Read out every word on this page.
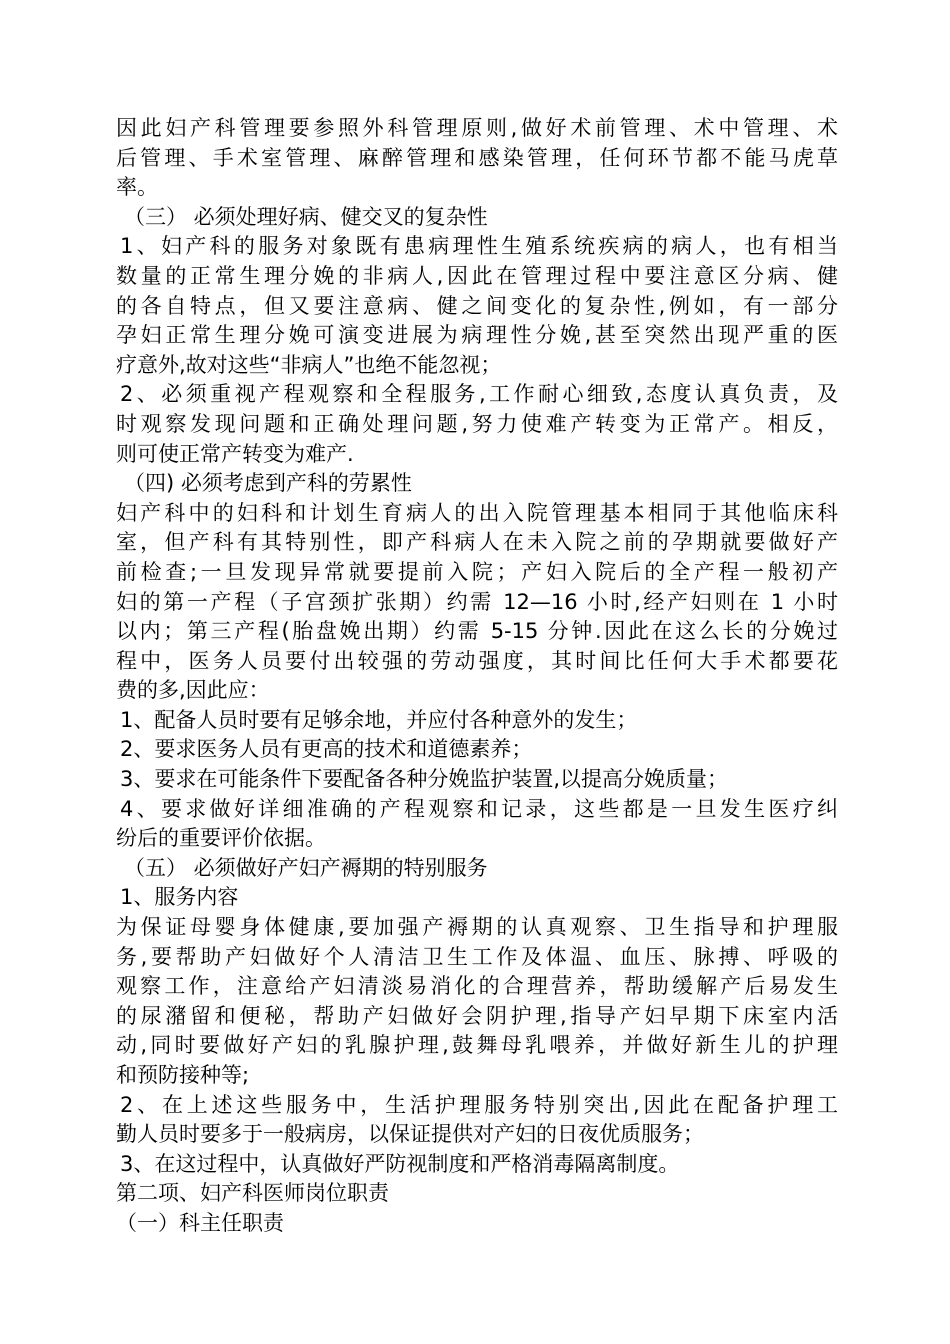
因此妇产科管理要参照外科管理原则,做好术前管理、术中管理、术
后管理、手术室管理、麻醉管理和感染管理，任何环节都不能马虎草
率。
（三） 必须处理好病、健交叉的复杂性
1、妇产科的服务对象既有患病理性生殖系统疾病的病人，也有相当
数量的正常生理分娩的非病人,因此在管理过程中要注意区分病、健
的各自特点，但又要注意病、健之间变化的复杂性,例如，有一部分
孕妇正常生理分娩可演变进展为病理性分娩,甚至突然出现严重的医
疗意外,故对这些“非病人”也绝不能忽视；
2、必须重视产程观察和全程服务,工作耐心细致,态度认真负责，及
时观察发现问题和正确处理问题,努力使难产转变为正常产。相反，
则可使正常产转变为难产.
（四) 必须考虑到产科的劳累性
妇产科中的妇科和计划生育病人的出入院管理基本相同于其他临床科
室，但产科有其特别性，即产科病人在未入院之前的孕期就要做好产
前检查;一旦发现异常就要提前入院；产妇入院后的全产程一般初产
妇的第一产程（子宫颈扩张期）约需 12—16 小时,经产妇则在 1 小时
以内；第三产程(胎盘娩出期）约需 5-15 分钟.因此在这么长的分娩过
程中，医务人员要付出较强的劳动强度，其时间比任何大手术都要花
费的多,因此应：
1、配备人员时要有足够余地，并应付各种意外的发生；
2、要求医务人员有更高的技术和道德素养；
3、要求在可能条件下要配备各种分娩监护装置,以提高分娩质量；
4、要求做好详细准确的产程观察和记录，这些都是一旦发生医疗纠
纷后的重要评价依据。
（五） 必须做好产妇产褥期的特别服务
1、服务内容
为保证母婴身体健康,要加强产褥期的认真观察、卫生指导和护理服
务,要帮助产妇做好个人清洁卫生工作及体温、血压、脉搏、呼吸的
观察工作，注意给产妇清淡易消化的合理营养，帮助缓解产后易发生
的尿潴留和便秘，帮助产妇做好会阴护理,指导产妇早期下床室内活
动,同时要做好产妇的乳腺护理,鼓舞母乳喂养，并做好新生儿的护理
和预防接种等;
2、在上述这些服务中，生活护理服务特别突出,因此在配备护理工
勤人员时要多于一般病房，以保证提供对产妇的日夜优质服务；
3、在这过程中，认真做好严防视制度和严格消毒隔离制度。
第二项、妇产科医师岗位职责
（一）科主任职责
